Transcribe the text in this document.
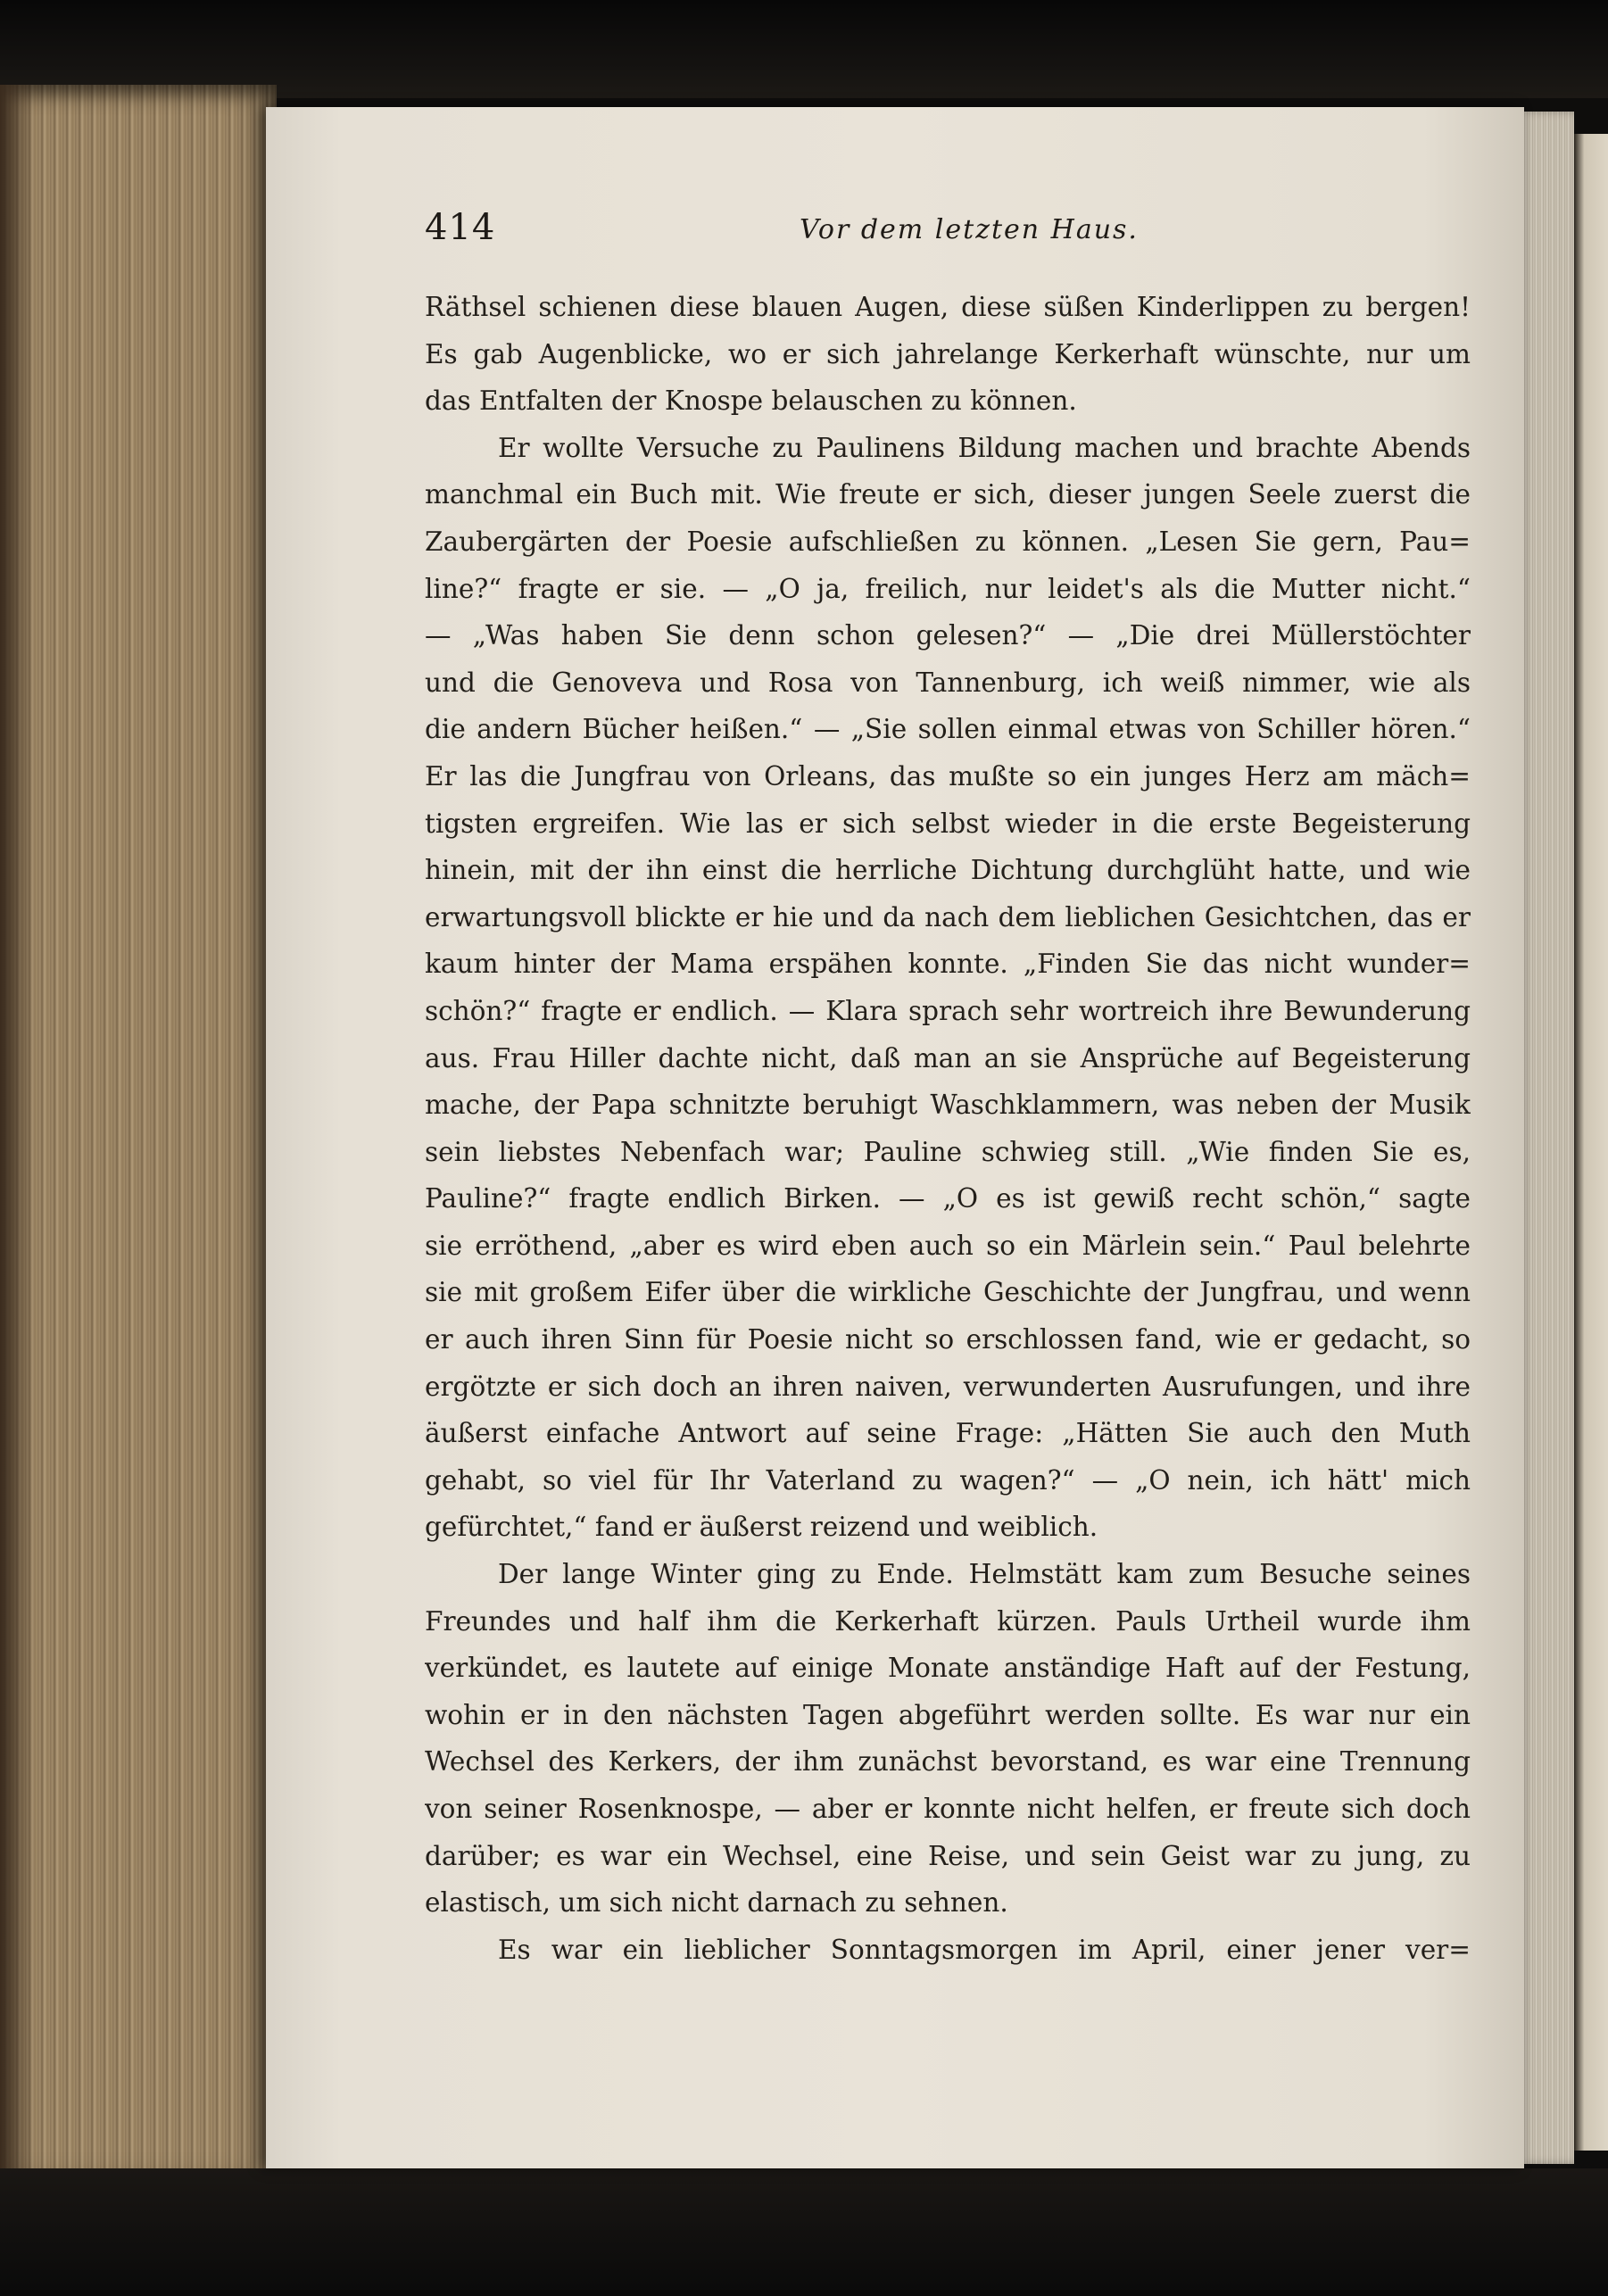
414	Vor dem letzten Haus.
Räthsel schienen diese blauen Augen, diese süßen Kinderlippen zu bergen!
Es gab Augenblicke, wo er sich jahrelange Kerkerhaft wünschte, nur um
das Entfalten der Knospe belauschen zu können.
Er wollte Versuche zu Paulinens Bildung machen und brachte Abends
manchmal ein Buch mit. Wie freute er sich, dieser jungen Seele zuerst die
Zaubergärten der Poesie aufschließen zu können. „Lesen Sie gern, Pau=
line?“ fragte er sie. — „O ja, freilich, nur leidet's als die Mutter nicht.“
— „Was haben Sie denn schon gelesen?“ — „Die drei Müllerstöchter
und die Genoveva und Rosa von Tannenburg, ich weiß nimmer, wie als
die andern Bücher heißen.“ — „Sie sollen einmal etwas von Schiller hören.“
Er las die Jungfrau von Orleans, das mußte so ein junges Herz am mäch=
tigsten ergreifen. Wie las er sich selbst wieder in die erste Begeisterung
hinein, mit der ihn einst die herrliche Dichtung durchglüht hatte, und wie
erwartungsvoll blickte er hie und da nach dem lieblichen Gesichtchen, das er
kaum hinter der Mama erspähen konnte. „Finden Sie das nicht wunder=
schön?“ fragte er endlich. — Klara sprach sehr wortreich ihre Bewunderung
aus. Frau Hiller dachte nicht, daß man an sie Ansprüche auf Begeisterung
mache, der Papa schnitzte beruhigt Waschklammern, was neben der Musik
sein liebstes Nebenfach war; Pauline schwieg still. „Wie finden Sie es,
Pauline?“ fragte endlich Birken. — „O es ist gewiß recht schön,“ sagte
sie erröthend, „aber es wird eben auch so ein Märlein sein.“ Paul belehrte
sie mit großem Eifer über die wirkliche Geschichte der Jungfrau, und wenn
er auch ihren Sinn für Poesie nicht so erschlossen fand, wie er gedacht, so
ergötzte er sich doch an ihren naiven, verwunderten Ausrufungen, und ihre
äußerst einfache Antwort auf seine Frage: „Hätten Sie auch den Muth
gehabt, so viel für Ihr Vaterland zu wagen?“ — „O nein, ich hätt' mich
gefürchtet,“ fand er äußerst reizend und weiblich.
Der lange Winter ging zu Ende. Helmstätt kam zum Besuche seines
Freundes und half ihm die Kerkerhaft kürzen. Pauls Urtheil wurde ihm
verkündet, es lautete auf einige Monate anständige Haft auf der Festung,
wohin er in den nächsten Tagen abgeführt werden sollte. Es war nur ein
Wechsel des Kerkers, der ihm zunächst bevorstand, es war eine Trennung
von seiner Rosenknospe, — aber er konnte nicht helfen, er freute sich doch
darüber; es war ein Wechsel, eine Reise, und sein Geist war zu jung, zu
elastisch, um sich nicht darnach zu sehnen.
Es war ein lieblicher Sonntagsmorgen im April, einer jener ver=
